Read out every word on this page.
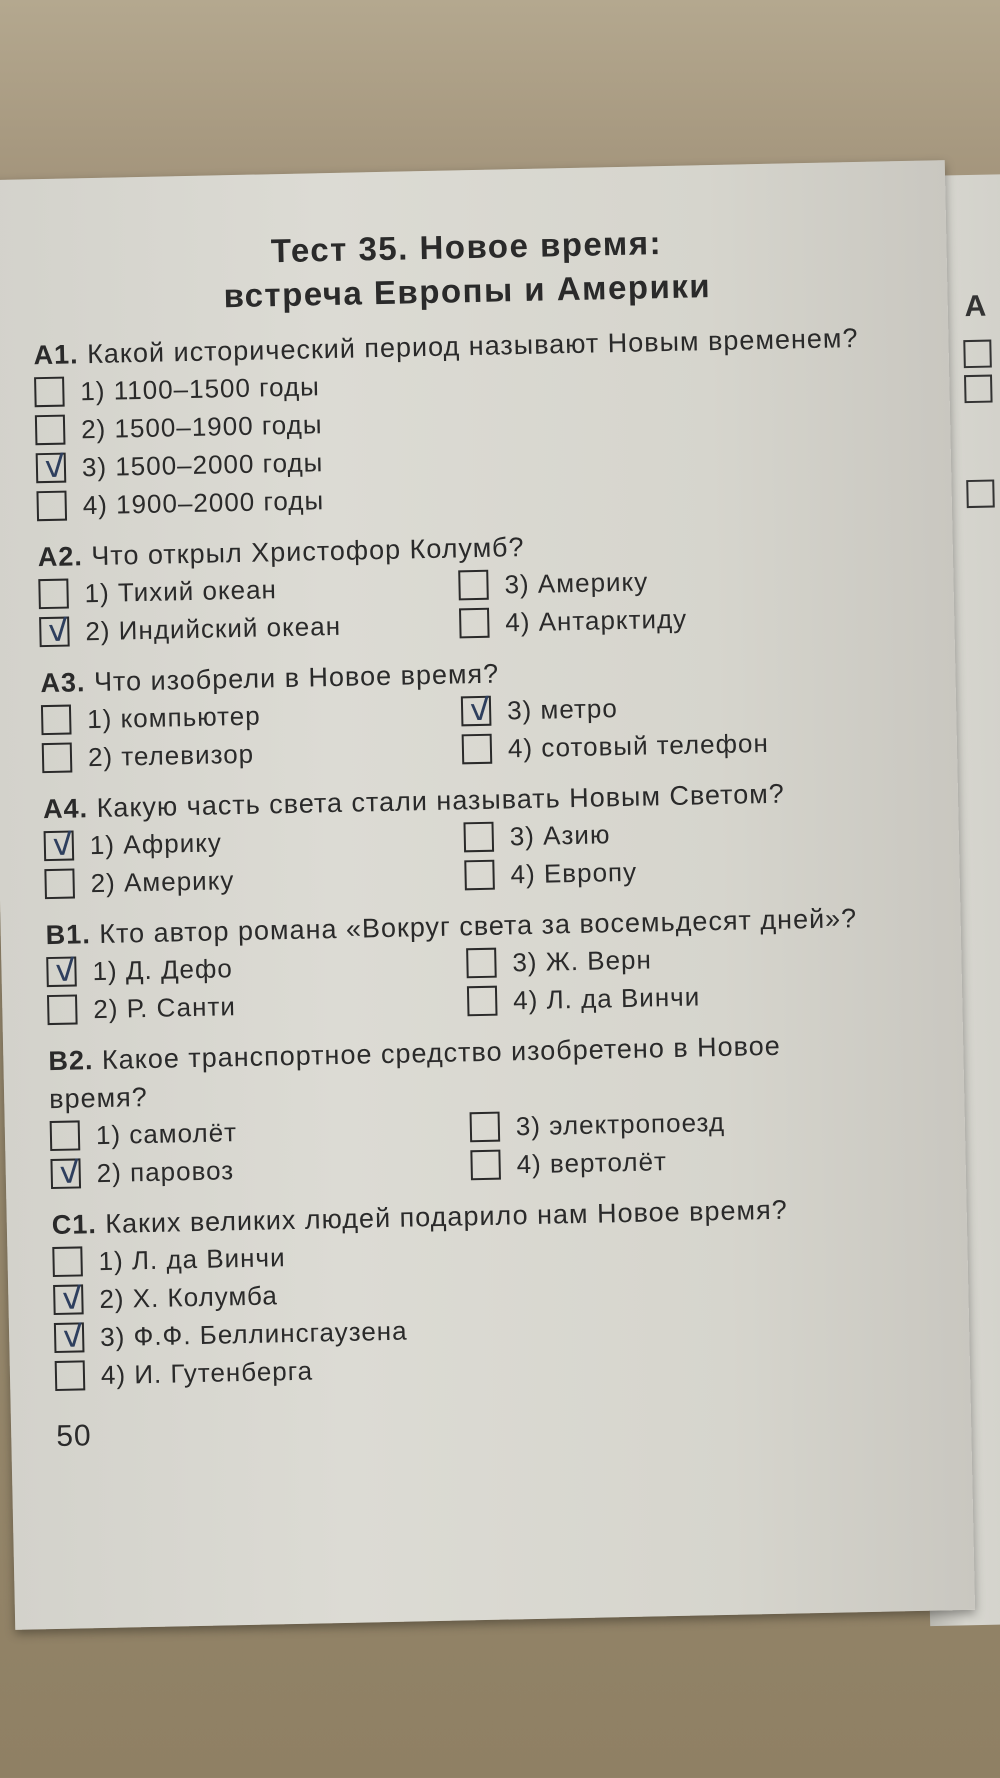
А
Тест 35. Новое время:
встреча Европы и Америки
A1. Какой исторический период называют Новым временем?
1) 1100–1500 годы
2) 1500–1900 годы
3) 1500–2000 годы
4) 1900–2000 годы
A2. Что открыл Христофор Колумб?
1) Тихий океан	3) Америку
2) Индийский океан	4) Антарктиду
A3. Что изобрели в Новое время?
1) компьютер	3) метро
2) телевизор	4) сотовый телефон
A4. Какую часть света стали называть Новым Светом?
1) Африку	3) Азию
2) Америку	4) Европу
B1. Кто автор романа «Вокруг света за восемьдесят дней»?
1) Д. Дефо	3) Ж. Верн
2) Р. Санти	4) Л. да Винчи
B2. Какое транспортное средство изобретено в Новое время?
1) самолёт	3) электропоезд
2) паровоз	4) вертолёт
C1. Каких великих людей подарило нам Новое время?
1) Л. да Винчи
2) Х. Колумба
3) Ф.Ф. Беллинсгаузена
4) И. Гутенберга
50
